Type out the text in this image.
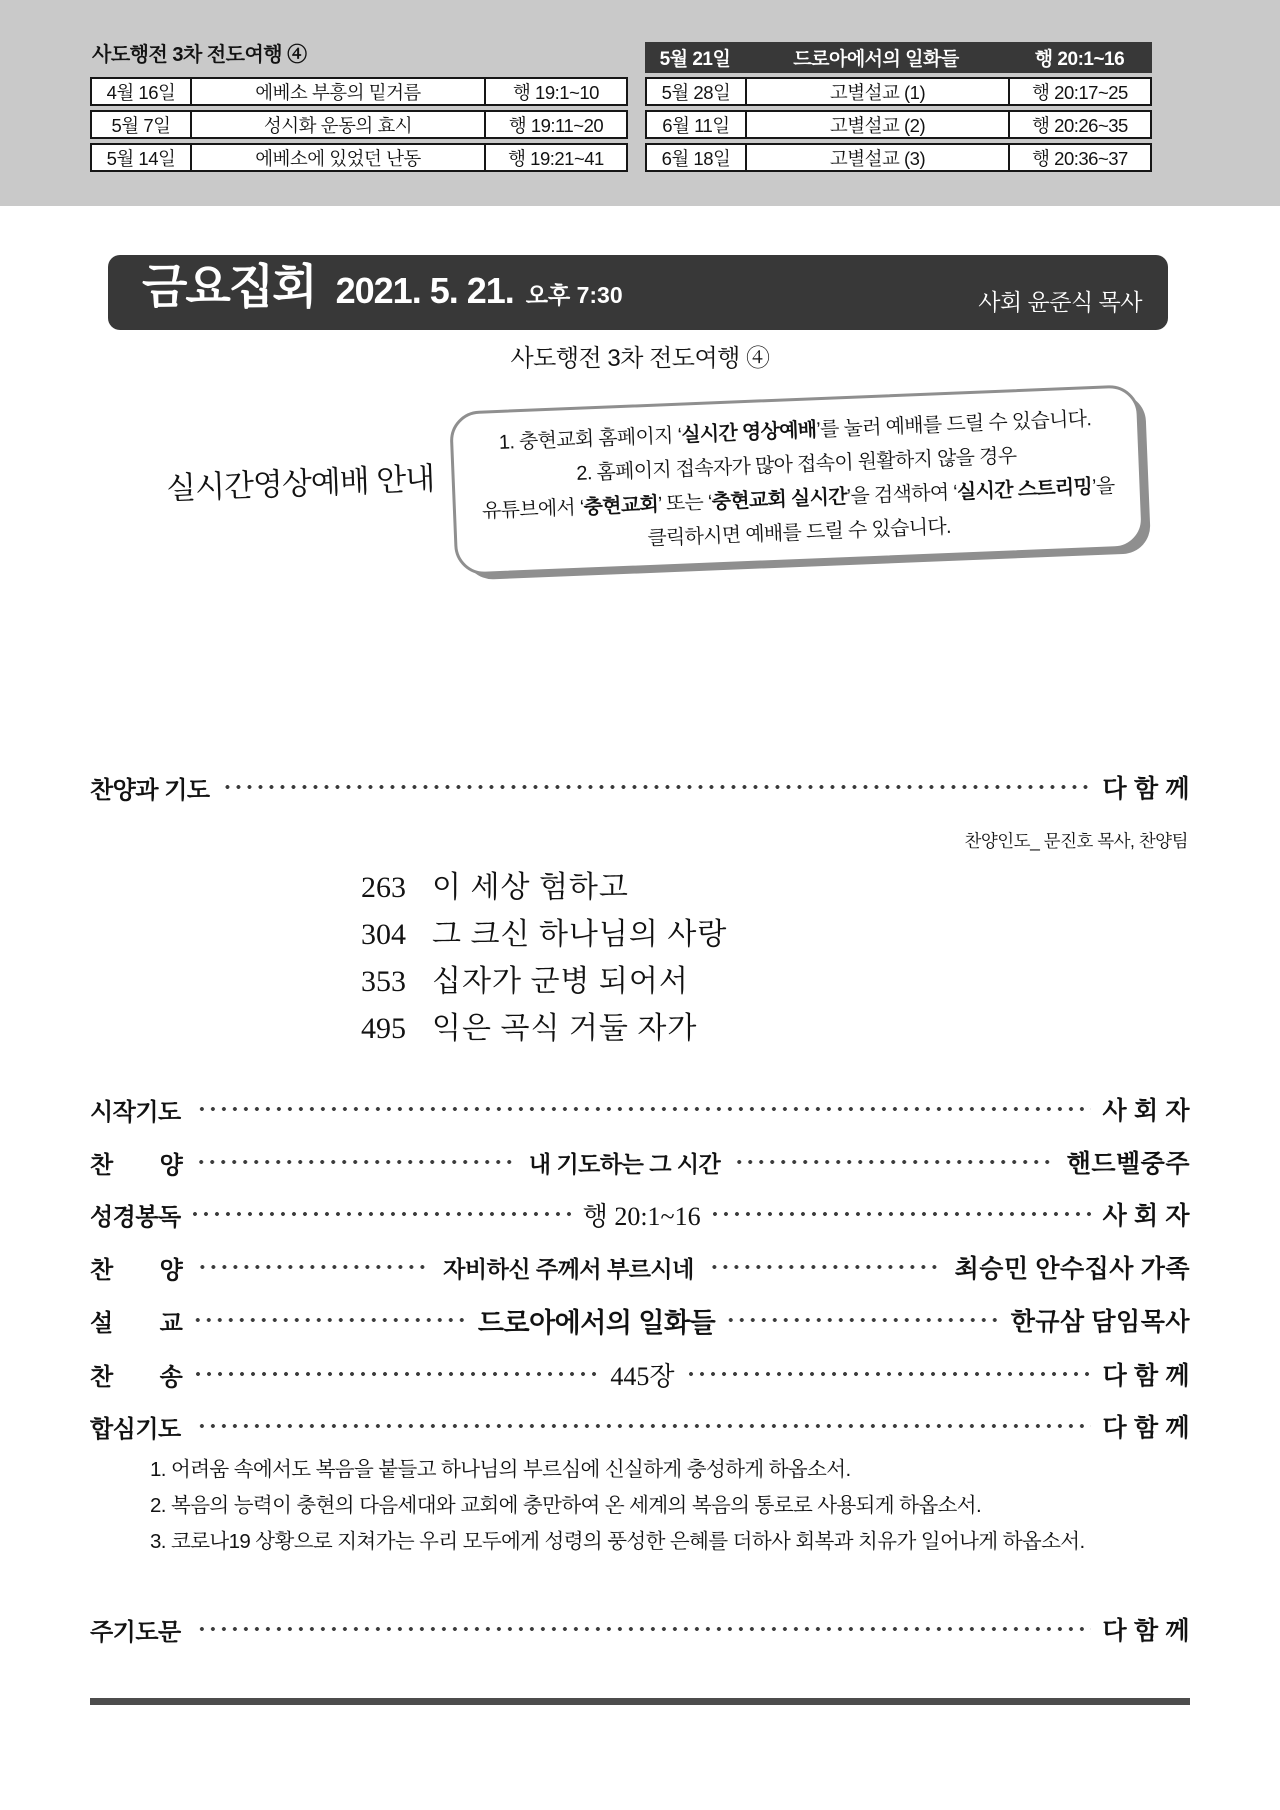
사도행전 3차 전도여행 ④
4월 16일	에베소 부흥의 밑거름	행 19:1~10
5월 7일	성시화 운동의 효시	행 19:11~20
5월 14일	에베소에 있었던 난동	행 19:21~41
5월 21일	드로아에서의 일화들	행 20:1~16
5월 28일	고별설교 (1)	행 20:17~25
6월 11일	고별설교 (2)	행 20:26~35
6월 18일	고별설교 (3)	행 20:36~37
금요집회 2021. 5. 21. 오후 7:30	사회 윤준식 목사
사도행전 3차 전도여행 ④
실시간영상예배 안내

1. 충현교회 홈페이지 ‘실시간 영상예배’를 눌러 예배를 드릴 수 있습니다.

2. 홈페이지 접속자가 많아 접속이 원활하지 않을 경우

유튜브에서 ‘충현교회’ 또는 ‘충현교회 실시간’을 검색하여 ‘실시간 스트리밍’을

클릭하시면 예배를 드릴 수 있습니다.

찬양과 기도	다 함 께
찬양인도_ 문진호 목사, 찬양팀
263 이 세상 험하고
304 그 크신 하나님의 사랑
353 십자가 군병 되어서
495 익은 곡식 거둘 자가
시작기도	사 회 자
찬　　양	내 기도하는 그 시간	핸드벨중주
성경봉독	행 20:1~16	사 회 자
찬　　양	자비하신 주께서 부르시네	최승민 안수집사 가족
설　　교	드로아에서의 일화들	한규삼 담임목사
찬　　송	445장	다 함 께
합심기도	다 함 께
1. 어려움 속에서도 복음을 붙들고 하나님의 부르심에 신실하게 충성하게 하옵소서.
2. 복음의 능력이 충현의 다음세대와 교회에 충만하여 온 세계의 복음의 통로로 사용되게 하옵소서.
3. 코로나19 상황으로 지쳐가는 우리 모두에게 성령의 풍성한 은혜를 더하사 회복과 치유가 일어나게 하옵소서.
주기도문	다 함 께
